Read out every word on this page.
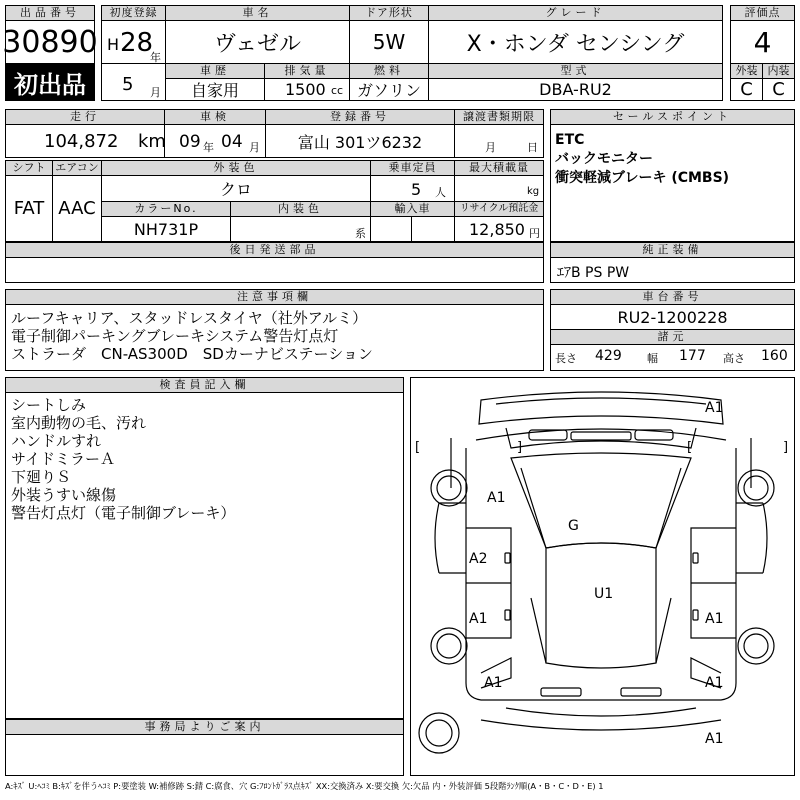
出品番号
30890
初出品
初度登録
H 28
年
5 月
車名
ヴェゼル
ドア形状
5W
グレード
X・ホンダ センシング
車歴
自家用
排気量
1500 cc
燃料
ガソリン
型式
DBA-RU2
評価点
4
外装 内装
C	C
走行
104,872 km
車検
09 年 04 月
登録番号
富山 301ツ6232
譲渡書類期限
月	日
セールスポイント
ETC
バックモニター
衝突軽減ブレーキ (CMBS)
シフト
FAT
エアコン
AAC
外装色
クロ
乗車定員
5 人
最大積載量
kg
カラーNo.
NH731P
内装色
系
輸入車	リサイクル預託金
12,850 円
後日発送部品	純正装備
ｴｱB PS PW
注意事項欄
ルーフキャリア、スタッドレスタイヤ（社外アルミ）
電子制御パーキングブレーキシステム警告灯点灯
ストラーダ　CN-AS300D　SDカーナビステーション
車台番号
RU2-1200228
諸元
長さ 429 幅 177 高さ 160
検査員記入欄
シートしみ
室内動物の毛、汚れ
ハンドルすれ
サイドミラーＡ
下廻りＳ
外装うすい線傷
警告灯点灯（電子制御ブレーキ）
事務局よりご案内
A1
A1
G
A2
U1
A1	A1
A1	A1
A1
[	]	[	]
A:ｷｽﾞ U:ﾍｺﾐ B:ｷｽﾞを伴うﾍｺﾐ P:要塗装 W:補修跡 S:錆 C:腐食、穴 G:ﾌﾛﾝﾄｶﾞﾗｽ点ｷｽﾞ XX:交換済み X:要交換 欠:欠品 内・外装評価 5段階ﾗﾝｸ順(A・B・C・D・E) 1
